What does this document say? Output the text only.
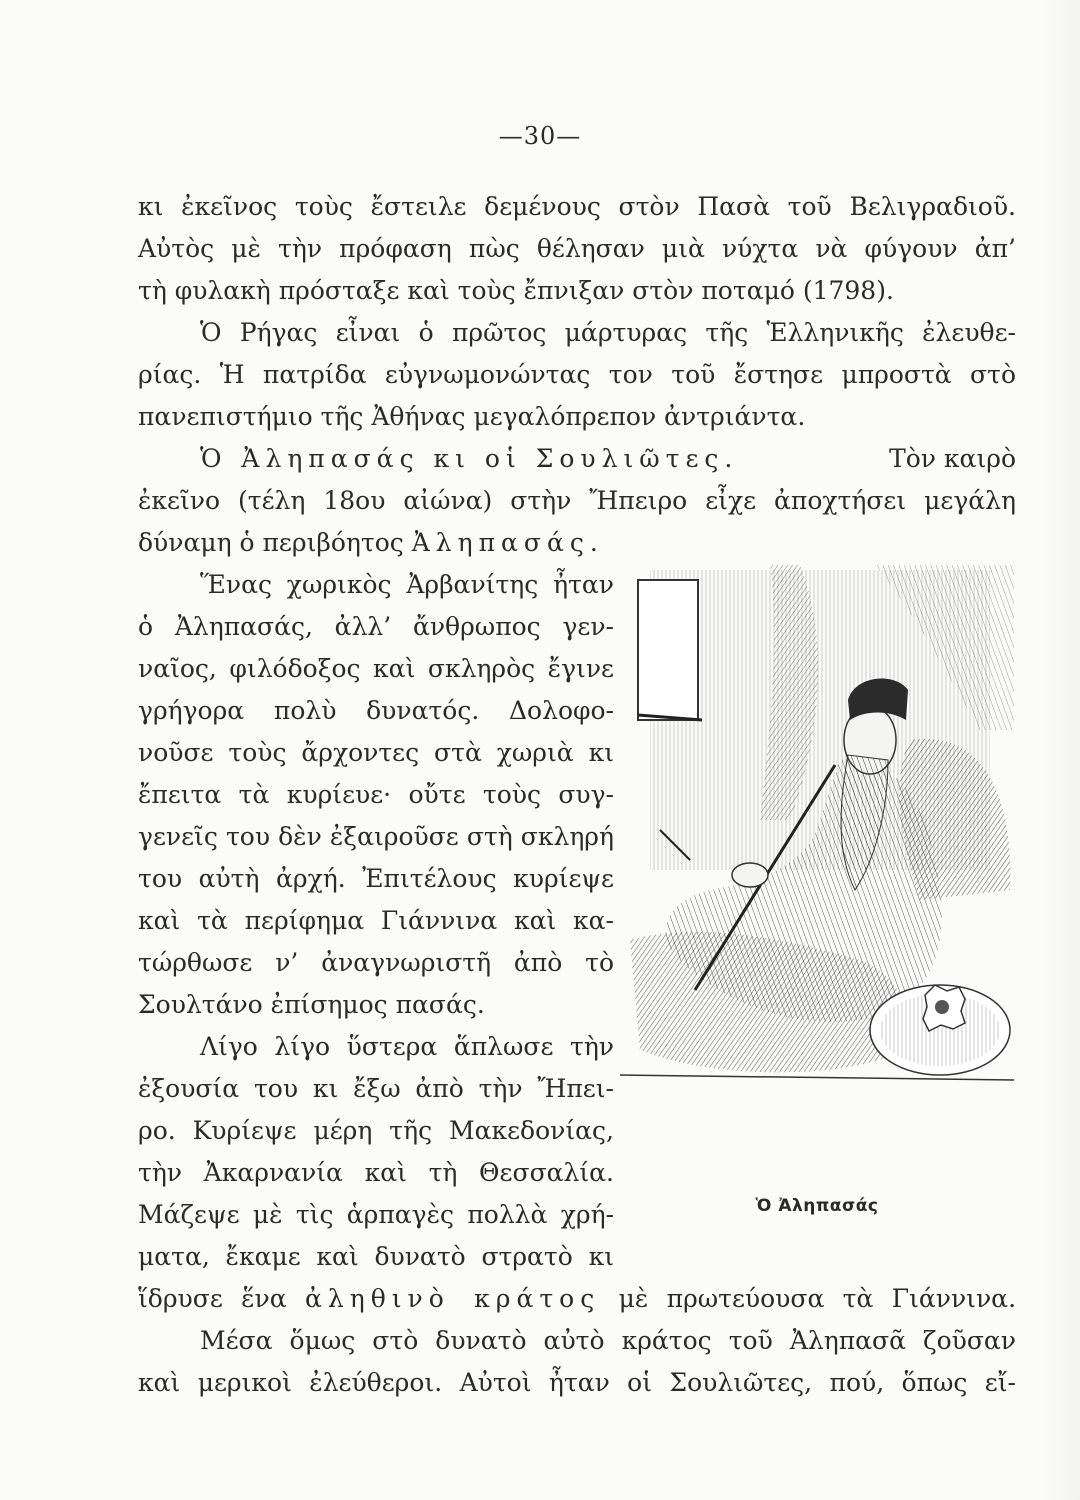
—30—
κι ἐκεῖνος τοὺς ἔστειλε δεμένους στὸν Πασὰ τοῦ Βελιγραδιοῦ.
Αὐτὸς μὲ τὴν πρόφαση πὼς θέλησαν μιὰ νύχτα νὰ φύγουν ἀπ’
τὴ φυλακὴ πρόσταξε καὶ τοὺς ἔπνιξαν στὸν ποταμό (1798).
Ὁ Ρήγας εἶναι ὁ πρῶτος μάρτυρας τῆς Ἑλληνικῆς ἐλευθε-
ρίας. Ἡ πατρίδα εὐγνωμονώντας τον τοῦ ἔστησε μπροστὰ στὸ
πανεπιστήμιο τῆς Ἀθήνας μεγαλόπρεπον ἀντριάντα.
Ὁ Ἀληπασάς κι οἱ Σουλιῶτες.	Τὸν καιρὸ
ἐκεῖνο (τέλη 18ου αἰώνα) στὴν Ἤπειρο εἶχε ἀποχτήσει μεγάλη
δύναμη ὁ περιβόητος Ἀληπασάς.
Ἕνας χωρικὸς Ἀρβανίτης ἦταν
ὁ Ἀληπασάς, ἀλλ’ ἄνθρωπος γεν-
ναῖος, φιλόδοξος καὶ σκληρὸς ἔγινε
γρήγορα πολὺ δυνατός. Δολοφο-
νοῦσε τοὺς ἄρχοντες στὰ χωριὰ κι
ἔπειτα τὰ κυρίευε· οὔτε τοὺς συγ-
γενεῖς του δὲν ἐξαιροῦσε στὴ σκληρή
του αὐτὴ ἀρχή. Ἐπιτέλους κυρίεψε
καὶ τὰ περίφημα Γιάννινα καὶ κα-
τώρθωσε ν’ ἀναγνωριστῆ ἀπὸ τὸ
Σουλτάνο ἐπίσημος πασάς.
Λίγο λίγο ὕστερα ἅπλωσε τὴν
ἐξουσία του κι ἔξω ἀπὸ τὴν Ἤπει-
ρο. Κυρίεψε μέρη τῆς Μακεδονίας,
τὴν Ἀκαρνανία καὶ τὴ Θεσσαλία.
Μάζεψε μὲ τὶς ἁρπαγὲς πολλὰ χρή-
ματα, ἔκαμε καὶ δυνατὸ στρατὸ κι
ἵδρυσε ἕνα ἀληθινὸ κράτος μὲ πρωτεύουσα τὰ Γιάννινα.
Μέσα ὅμως στὸ δυνατὸ αὐτὸ κράτος τοῦ Ἀληπασᾶ ζοῦσαν
καὶ μερικοὶ ἐλεύθεροι. Αὐτοὶ ἦταν οἱ Σουλιῶτες, πού, ὅπως εἴ-
Ὁ Ἀληπασάς
